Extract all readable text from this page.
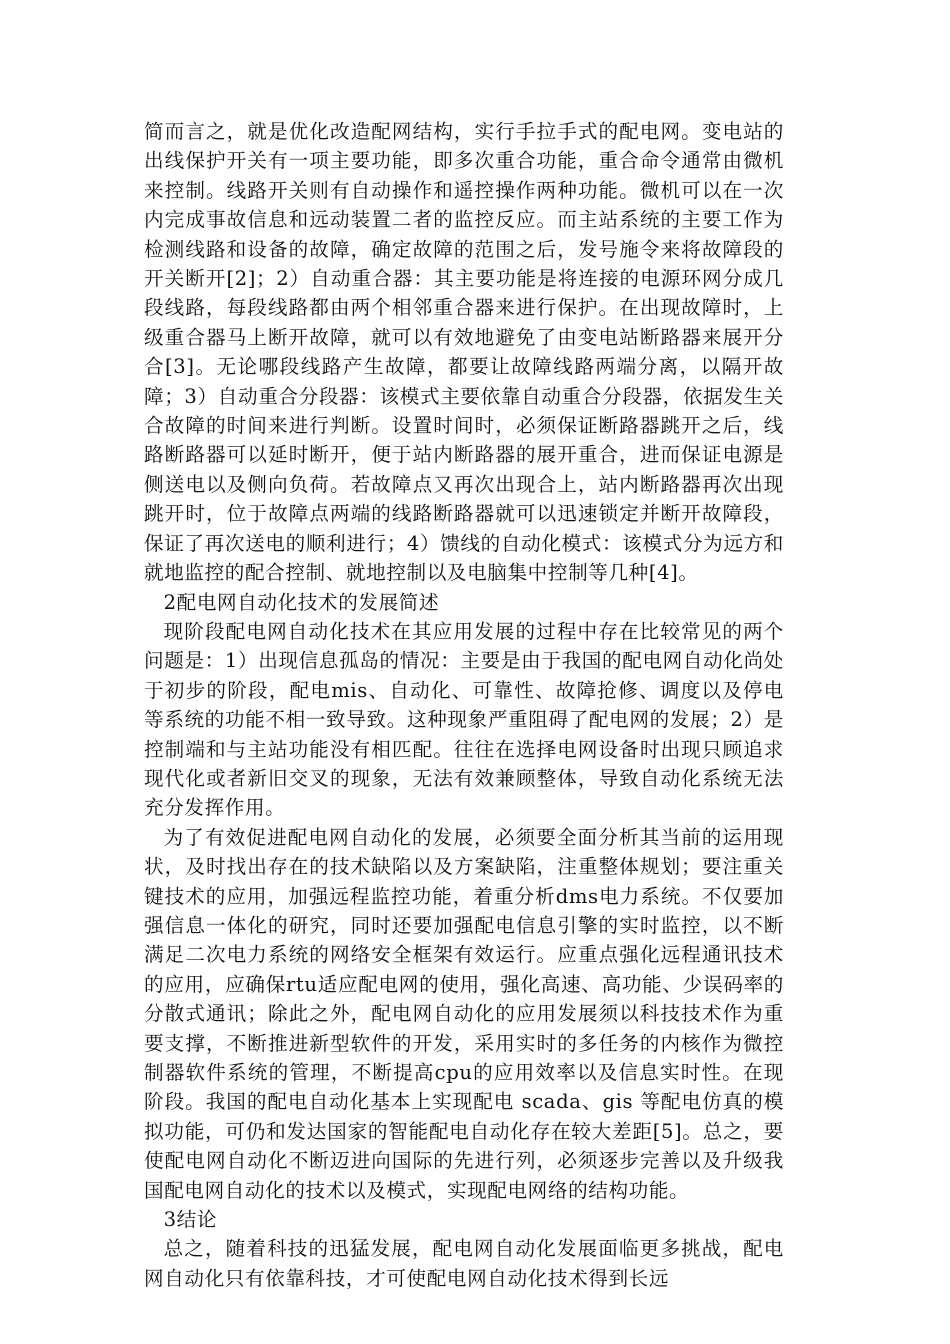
简而言之，就是优化改造配网结构，实行手拉手式的配电网。变电站的出线保护开关有一项主要功能，即多次重合功能，重合命令通常由微机来控制。线路开关则有自动操作和遥控操作两种功能。微机可以在一次内完成事故信息和远动装置二者的监控反应。而主站系统的主要工作为检测线路和设备的故障，确定故障的范围之后，发号施令来将故障段的开关断开[2]；2）自动重合器：其主要功能是将连接的电源环网分成几段线路，每段线路都由两个相邻重合器来进行保护。在出现故障时，上级重合器马上断开故障，就可以有效地避免了由变电站断路器来展开分合[3]。无论哪段线路产生故障，都要让故障线路两端分离，以隔开故障；3）自动重合分段器：该模式主要依靠自动重合分段器，依据发生关合故障的时间来进行判断。设置时间时，必须保证断路器跳开之后，线路断路器可以延时断开，便于站内断路器的展开重合，进而保证电源是侧送电以及侧向负荷。若故障点又再次出现合上，站内断路器再次出现跳开时，位于故障点两端的线路断路器就可以迅速锁定并断开故障段，保证了再次送电的顺利进行；4）馈线的自动化模式：该模式分为远方和就地监控的配合控制、就地控制以及电脑集中控制等几种[4]。

2配电网自动化技术的发展简述

现阶段配电网自动化技术在其应用发展的过程中存在比较常见的两个问题是：1）出现信息孤岛的情况：主要是由于我国的配电网自动化尚处于初步的阶段，配电mis、自动化、可靠性、故障抢修、调度以及停电等系统的功能不相一致导致。这种现象严重阻碍了配电网的发展；2）是控制端和与主站功能没有相匹配。往往在选择电网设备时出现只顾追求现代化或者新旧交叉的现象，无法有效兼顾整体，导致自动化系统无法充分发挥作用。

为了有效促进配电网自动化的发展，必须要全面分析其当前的运用现状，及时找出存在的技术缺陷以及方案缺陷，注重整体规划；要注重关键技术的应用，加强远程监控功能，着重分析dms电力系统。不仅要加强信息一体化的研究，同时还要加强配电信息引擎的实时监控，以不断满足二次电力系统的网络安全框架有效运行。应重点强化远程通讯技术的应用，应确保rtu适应配电网的使用，强化高速、高功能、少误码率的分散式通讯；除此之外，配电网自动化的应用发展须以科技技术作为重要支撑，不断推进新型软件的开发，采用实时的多任务的内核作为微控制器软件系统的管理，不断提高cpu的应用效率以及信息实时性。在现阶段。我国的配电自动化基本上实现配电 scada、gis 等配电仿真的模拟功能，可仍和发达国家的智能配电自动化存在较大差距[5]。总之，要使配电网自动化不断迈进向国际的先进行列，必须逐步完善以及升级我国配电网自动化的技术以及模式，实现配电网络的结构功能。

3结论

总之，随着科技的迅猛发展，配电网自动化发展面临更多挑战，配电网自动化只有依靠科技，才可使配电网自动化技术得到长远
